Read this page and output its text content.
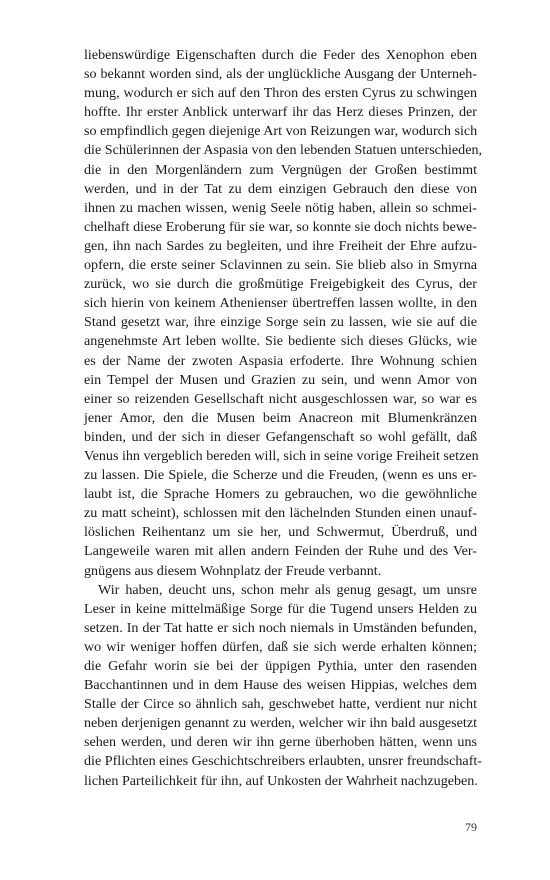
liebenswürdige Eigenschaften durch die Feder des Xenophon eben
so bekannt worden sind, als der unglückliche Ausgang der Unterneh-
mung, wodurch er sich auf den Thron des ersten Cyrus zu schwingen
hoffte. Ihr erster Anblick unterwarf ihr das Herz dieses Prinzen, der
so empfindlich gegen diejenige Art von Reizungen war, wodurch sich
die Schülerinnen der Aspasia von den lebenden Statuen unterschieden,
die in den Morgenländern zum Vergnügen der Großen bestimmt
werden, und in der Tat zu dem einzigen Gebrauch den diese von
ihnen zu machen wissen, wenig Seele nötig haben, allein so schmei-
chelhaft diese Eroberung für sie war, so konnte sie doch nichts bewe-
gen, ihn nach Sardes zu begleiten, und ihre Freiheit der Ehre aufzu-
opfern, die erste seiner Sclavinnen zu sein. Sie blieb also in Smyrna
zurück, wo sie durch die großmütige Freigebigkeit des Cyrus, der
sich hierin von keinem Athenienser übertreffen lassen wollte, in den
Stand gesetzt war, ihre einzige Sorge sein zu lassen, wie sie auf die
angenehmste Art leben wollte. Sie bediente sich dieses Glücks, wie
es der Name der zwoten Aspasia erfoderte. Ihre Wohnung schien
ein Tempel der Musen und Grazien zu sein, und wenn Amor von
einer so reizenden Gesellschaft nicht ausgeschlossen war, so war es
jener Amor, den die Musen beim Anacreon mit Blumenkränzen
binden, und der sich in dieser Gefangenschaft so wohl gefällt, daß
Venus ihn vergeblich bereden will, sich in seine vorige Freiheit setzen
zu lassen. Die Spiele, die Scherze und die Freuden, (wenn es uns er-
laubt ist, die Sprache Homers zu gebrauchen, wo die gewöhnliche
zu matt scheint), schlossen mit den lächelnden Stunden einen unauf-
löslichen Reihentanz um sie her, und Schwermut, Überdruß, und
Langeweile waren mit allen andern Feinden der Ruhe und des Ver-
gnügens aus diesem Wohnplatz der Freude verbannt.
Wir haben, deucht uns, schon mehr als genug gesagt, um unsre
Leser in keine mittelmäßige Sorge für die Tugend unsers Helden zu
setzen. In der Tat hatte er sich noch niemals in Umständen befunden,
wo wir weniger hoffen dürfen, daß sie sich werde erhalten können;
die Gefahr worin sie bei der üppigen Pythia, unter den rasenden
Bacchantinnen und in dem Hause des weisen Hippias, welches dem
Stalle der Circe so ähnlich sah, geschwebet hatte, verdient nur nicht
neben derjenigen genannt zu werden, welcher wir ihn bald ausgesetzt
sehen werden, und deren wir ihn gerne überhoben hätten, wenn uns
die Pflichten eines Geschichtschreibers erlaubten, unsrer freundschaft-
lichen Parteilichkeit für ihn, auf Unkosten der Wahrheit nachzugeben.
79
